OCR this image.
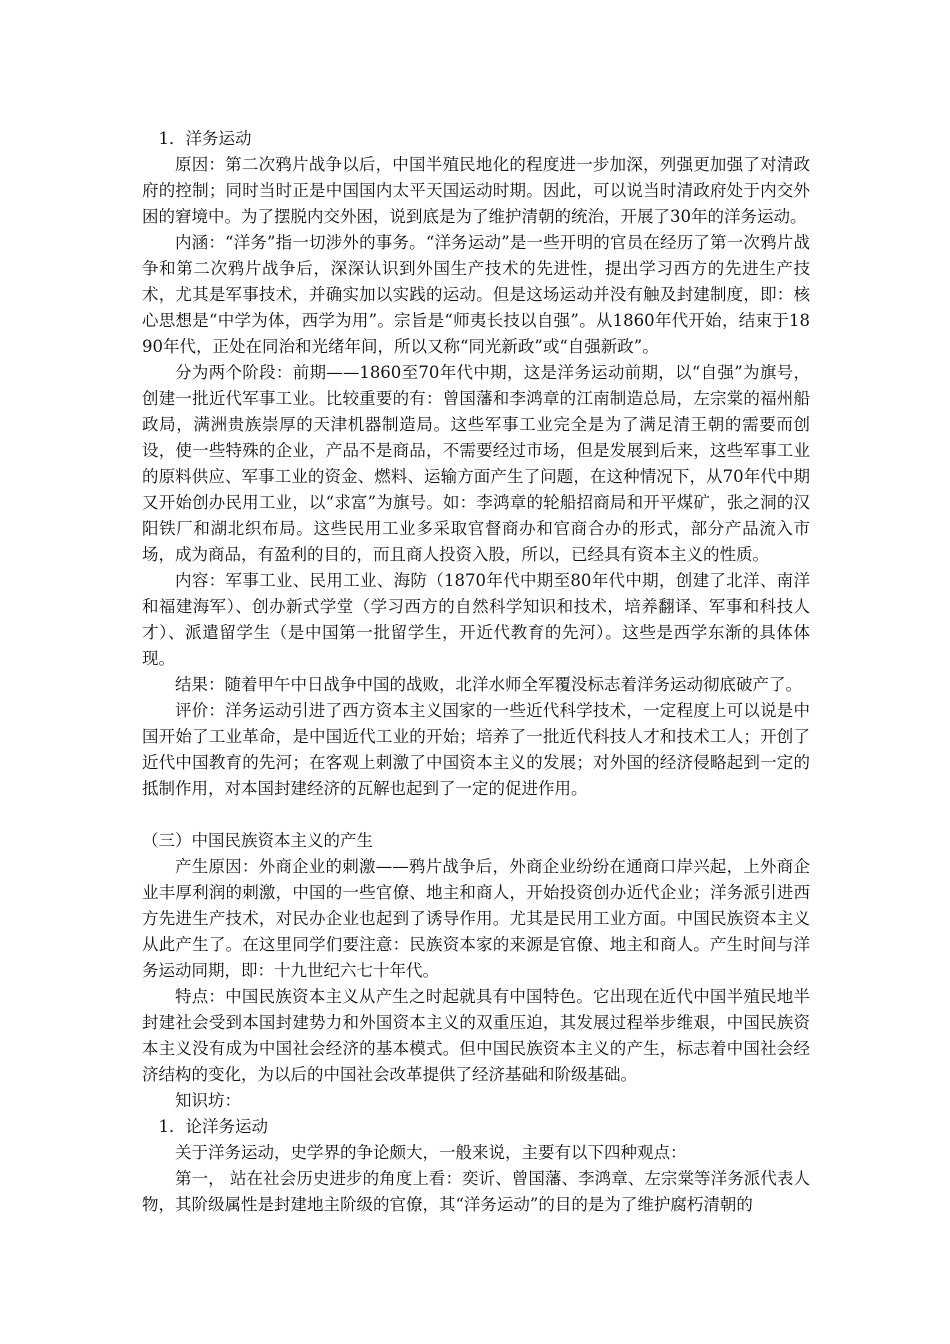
1．洋务运动

原因：第二次鸦片战争以后，中国半殖民地化的程度进一步加深，列强更加强了对清政府的控制；同时当时正是中国国内太平天国运动时期。因此，可以说当时清政府处于内交外困的窘境中。为了摆脱内交外困，说到底是为了维护清朝的统治，开展了30年的洋务运动。

内涵：“洋务”指一切涉外的事务。“洋务运动”是一些开明的官员在经历了第一次鸦片战争和第二次鸦片战争后，深深认识到外国生产技术的先进性，提出学习西方的先进生产技术，尤其是军事技术，并确实加以实践的运动。但是这场运动并没有触及封建制度，即：核心思想是“中学为体，西学为用”。宗旨是“师夷长技以自强”。从1860年代开始，结束于1890年代，正处在同治和光绪年间，所以又称“同光新政”或“自强新政”。

分为两个阶段：前期——1860至70年代中期，这是洋务运动前期，以“自强”为旗号，创建一批近代军事工业。比较重要的有：曾国藩和李鸿章的江南制造总局，左宗棠的福州船政局，满洲贵族崇厚的天津机器制造局。这些军事工业完全是为了满足清王朝的需要而创设，使一些特殊的企业，产品不是商品，不需要经过市场，但是发展到后来，这些军事工业的原料供应、军事工业的资金、燃料、运输方面产生了问题，在这种情况下，从70年代中期又开始创办民用工业，以“求富”为旗号。如：李鸿章的轮船招商局和开平煤矿，张之洞的汉阳铁厂和湖北织布局。这些民用工业多采取官督商办和官商合办的形式，部分产品流入市场，成为商品，有盈利的目的，而且商人投资入股，所以，已经具有资本主义的性质。

内容：军事工业、民用工业、海防（1870年代中期至80年代中期，创建了北洋、南洋和福建海军）、创办新式学堂（学习西方的自然科学知识和技术，培养翻译、军事和科技人才）、派遣留学生（是中国第一批留学生，开近代教育的先河）。这些是西学东渐的具体体现。

结果：随着甲午中日战争中国的战败，北洋水师全军覆没标志着洋务运动彻底破产了。

评价：洋务运动引进了西方资本主义国家的一些近代科学技术，一定程度上可以说是中国开始了工业革命，是中国近代工业的开始；培养了一批近代科技人才和技术工人；开创了近代中国教育的先河；在客观上刺激了中国资本主义的发展；对外国的经济侵略起到一定的抵制作用，对本国封建经济的瓦解也起到了一定的促进作用。

（三）中国民族资本主义的产生

产生原因：外商企业的刺激——鸦片战争后，外商企业纷纷在通商口岸兴起，上外商企业丰厚利润的刺激，中国的一些官僚、地主和商人，开始投资创办近代企业；洋务派引进西方先进生产技术，对民办企业也起到了诱导作用。尤其是民用工业方面。中国民族资本主义从此产生了。在这里同学们要注意：民族资本家的来源是官僚、地主和商人。产生时间与洋务运动同期，即：十九世纪六七十年代。

特点：中国民族资本主义从产生之时起就具有中国特色。它出现在近代中国半殖民地半封建社会受到本国封建势力和外国资本主义的双重压迫，其发展过程举步维艰，中国民族资本主义没有成为中国社会经济的基本模式。但中国民族资本主义的产生，标志着中国社会经济结构的变化，为以后的中国社会改革提供了经济基础和阶级基础。

知识坊：

1．论洋务运动

关于洋务运动，史学界的争论颇大，一般来说，主要有以下四种观点：

第一， 站在社会历史进步的角度上看：奕䜣、曾国藩、李鸿章、左宗棠等洋务派代表人物，其阶级属性是封建地主阶级的官僚，其“洋务运动”的目的是为了维护腐朽清朝的
